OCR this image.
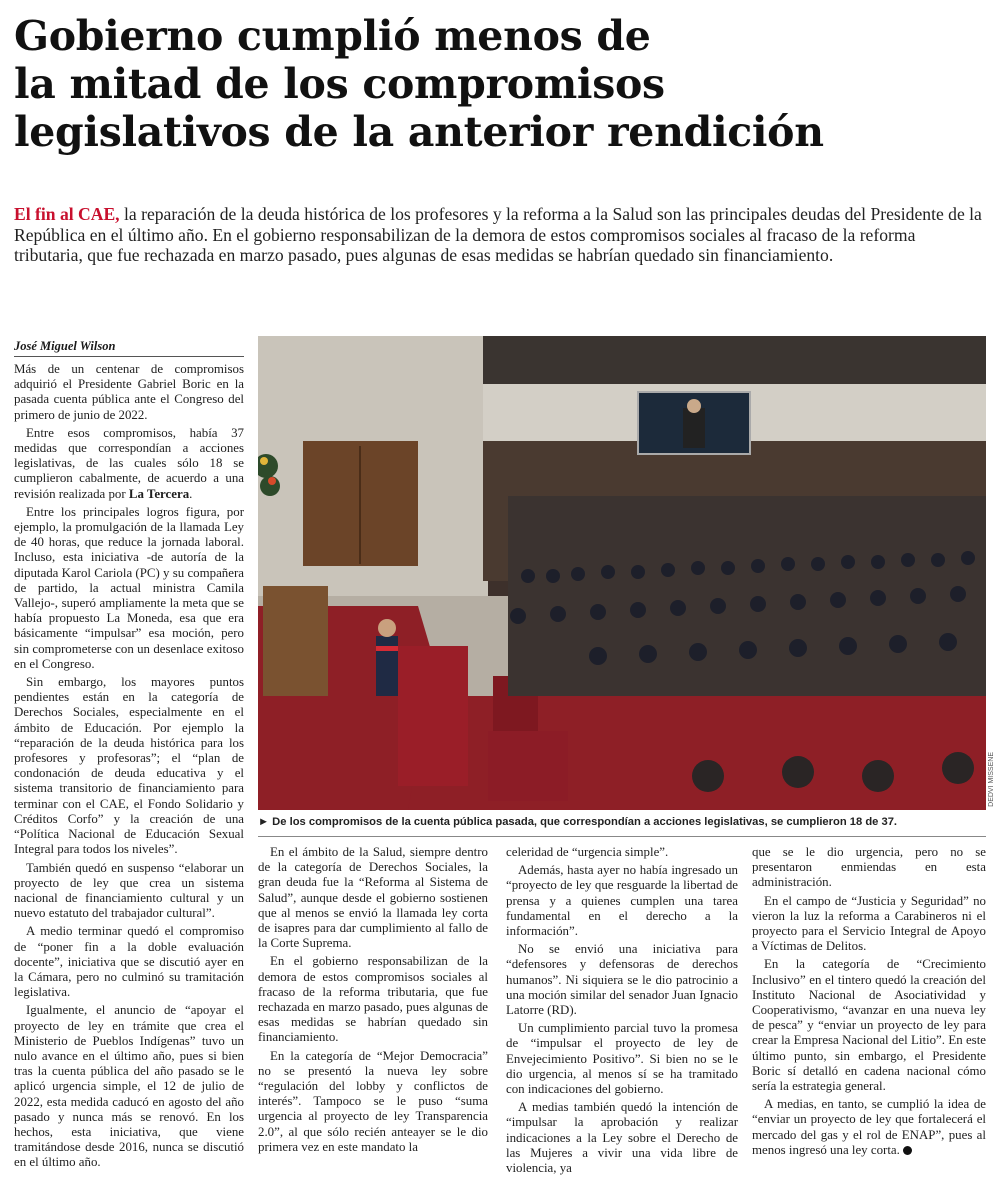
Gobierno cumplió menos de
la mitad de los compromisos
legislativos de la anterior rendición

El fin al CAE, la reparación de la deuda histórica de los profesores y la reforma a la Salud son las principales deudas del Presidente de la República en el último año. En el gobierno responsabilizan de la demora de estos compromisos sociales al fracaso de la reforma tributaria, que fue rechazada en marzo pasado, pues algunas de esas medidas se habrían quedado sin financiamiento.

José Miguel Wilson

Más de un centenar de compromisos adquirió el Presidente Gabriel Boric en la pasada cuenta pública ante el Congreso del primero de junio de 2022.

Entre esos compromisos, había 37 medidas que correspondían a acciones legislativas, de las cuales sólo 18 se cumplieron cabalmente, de acuerdo a una revisión realizada por La Tercera.

Entre los principales logros figura, por ejemplo, la promulgación de la llamada Ley de 40 horas, que reduce la jornada laboral. Incluso, esta iniciativa -de autoría de la diputada Karol Cariola (PC) y su compañera de partido, la actual ministra Camila Vallejo-, superó ampliamente la meta que se había propuesto La Moneda, esa que era básicamente “impulsar” esa moción, pero sin comprometerse con un desenlace exitoso en el Congreso.

Sin embargo, los mayores puntos pendientes están en la categoría de Derechos Sociales, especialmente en el ámbito de Educación. Por ejemplo la “reparación de la deuda histórica para los profesores y profesoras”; el “plan de condonación de deuda educativa y el sistema transitorio de financiamiento para terminar con el CAE, el Fondo Solidario y Créditos Corfo” y la creación de una “Política Nacional de Educación Sexual Integral para todos los niveles”.

También quedó en suspenso “elaborar un proyecto de ley que crea un sistema nacional de financiamiento cultural y un nuevo estatuto del trabajador cultural”.

A medio terminar quedó el compromiso de “poner fin a la doble evaluación docente”, iniciativa que se discutió ayer en la Cámara, pero no culminó su tramitación legislativa.

Igualmente, el anuncio de “apoyar el proyecto de ley en trámite que crea el Ministerio de Pueblos Indígenas” tuvo un nulo avance en el último año, pues si bien tras la cuenta pública del año pasado se le aplicó urgencia simple, el 12 de julio de 2022, esta medida caducó en agosto del año pasado y nunca más se renovó. En los hechos, esta iniciativa, que viene tramitándose desde 2016, nunca se discutió en el último año.

DEDVI MISSENE
► De los compromisos de la cuenta pública pasada, que correspondían a acciones legislativas, se cumplieron 18 de 37.

En el ámbito de la Salud, siempre dentro de la categoría de Derechos Sociales, la gran deuda fue la “Reforma al Sistema de Salud”, aunque desde el gobierno sostienen que al menos se envió la llamada ley corta de isapres para dar cumplimiento al fallo de la Corte Suprema.

En el gobierno responsabilizan de la demora de estos compromisos sociales al fracaso de la reforma tributaria, que fue rechazada en marzo pasado, pues algunas de esas medidas se habrían quedado sin financiamiento.

En la categoría de “Mejor Democracia” no se presentó la nueva ley sobre “regulación del lobby y conflictos de interés”. Tampoco se le puso “suma urgencia al proyecto de ley Transparencia 2.0”, al que sólo recién anteayer se le dio primera vez en este mandato la

celeridad de “urgencia simple”.

Además, hasta ayer no había ingresado un “proyecto de ley que resguarde la libertad de prensa y a quienes cumplen una tarea fundamental en el derecho a la información”.

No se envió una iniciativa para “defensores y defensoras de derechos humanos”. Ni siquiera se le dio patrocinio a una moción similar del senador Juan Ignacio Latorre (RD).

Un cumplimiento parcial tuvo la promesa de “impulsar el proyecto de ley de Envejecimiento Positivo”. Si bien no se le dio urgencia, al menos sí se ha tramitado con indicaciones del gobierno.

A medias también quedó la intención de “impulsar la aprobación y realizar indicaciones a la Ley sobre el Derecho de las Mujeres a vivir una vida libre de violencia, ya

que se le dio urgencia, pero no se presentaron enmiendas en esta administración.

En el campo de “Justicia y Seguridad” no vieron la luz la reforma a Carabineros ni el proyecto para el Servicio Integral de Apoyo a Víctimas de Delitos.

En la categoría de “Crecimiento Inclusivo” en el tintero quedó la creación del Instituto Nacional de Asociatividad y Cooperativismo, “avanzar en una nueva ley de pesca” y “enviar un proyecto de ley para crear la Empresa Nacional del Litio”. En este último punto, sin embargo, el Presidente Boric sí detalló en cadena nacional cómo sería la estrategia general.

A medias, en tanto, se cumplió la idea de “enviar un proyecto de ley que fortalecerá el mercado del gas y el rol de ENAP”, pues al menos ingresó una ley corta.
